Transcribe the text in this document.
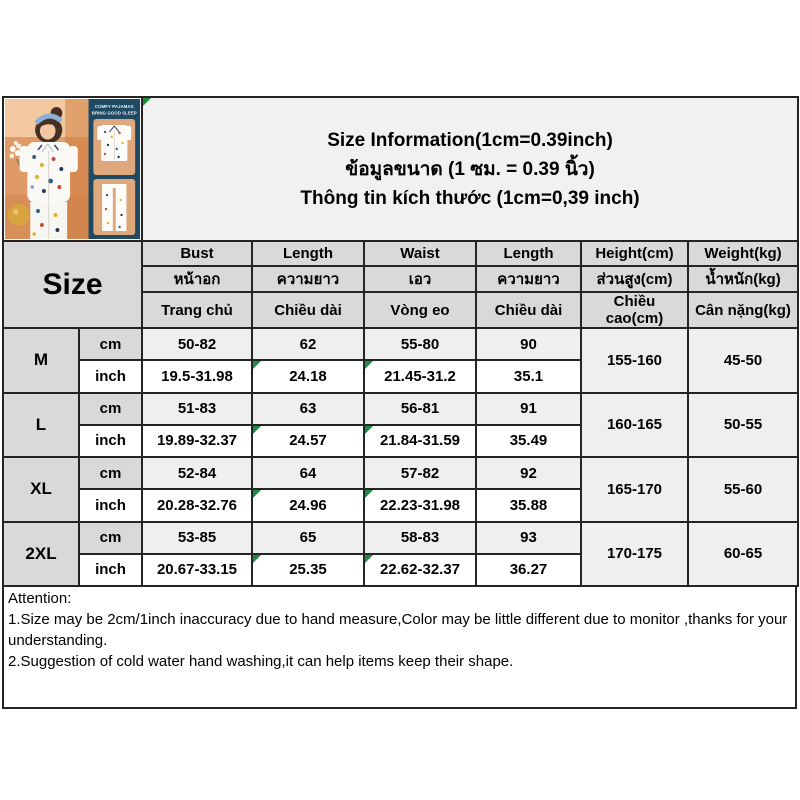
COMFY PAJAMAS
BRING GOOD SLEEP

Size Information(1cm=0.39inch)
ข้อมูลขนาด (1 ซม. = 0.39 นิ้ว)
Thông tin kích thước (1cm=0,39 inch)

Size		Bust	Length	Waist	Length	Height(cm)	Weight(kg)
		หน้าอก	ความยาว	เอว	ความยาว	ส่วนสูง(cm)	น้ำหนัก(kg)
		Trang chủ	Chiều dài	Vòng eo	Chiều dài	Chiều cao(cm)	Cân nặng(kg)
M	cm	50-82	62	55-80	90	155-160	45-50
	inch	19.5-31.98	24.18	21.45-31.2	35.1		
L	cm	51-83	63	56-81	91	160-165	50-55
	inch	19.89-32.37	24.57	21.84-31.59	35.49		
XL	cm	52-84	64	57-82	92	165-170	55-60
	inch	20.28-32.76	24.96	22.23-31.98	35.88		
2XL	cm	53-85	65	58-83	93	170-175	60-65
	inch	20.67-33.15	25.35	22.62-32.37	36.27		
Attention:
1.Size may be 2cm/1inch inaccuracy due to hand measure,Color may be little different due to monitor ,thanks for your understanding.
2.Suggestion of cold water hand washing,it can help items keep their shape.
